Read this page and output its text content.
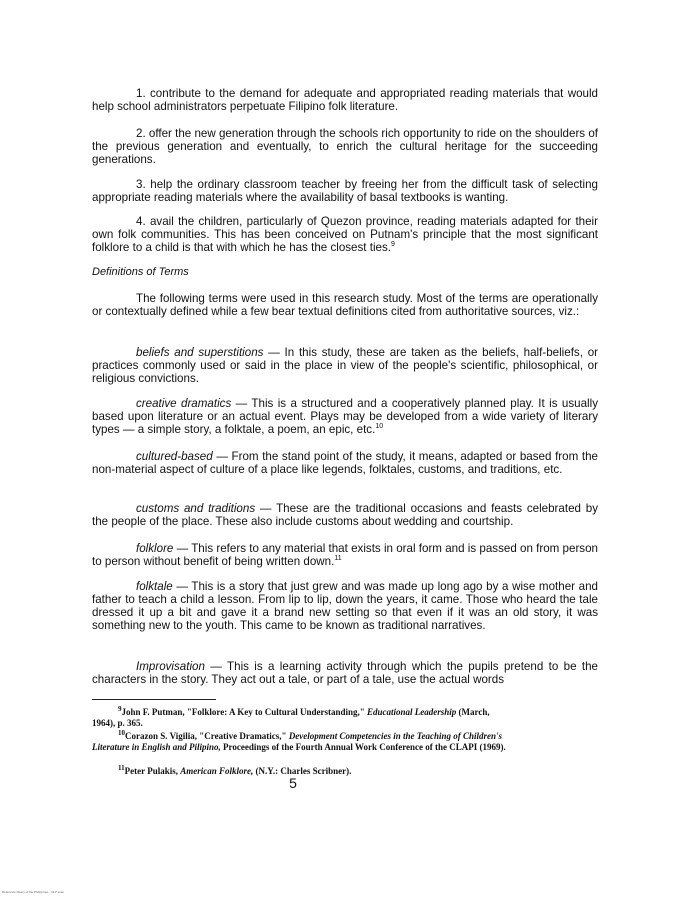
1. contribute to the demand for adequate and appropriated reading materials that would help school administrators perpetuate Filipino folk literature.

2. offer the new generation through the schools rich opportunity to ride on the shoulders of the previous generation and eventually, to enrich the cultural heritage for the succeeding generations.

3. help the ordinary classroom teacher by freeing her from the difficult task of selecting appropriate reading materials where the availability of basal textbooks is wanting.

4. avail the children, particularly of Quezon province, reading materials adapted for their own folk communities. This has been conceived on Putnam's principle that the most significant folklore to a child is that with which he has the closest ties.$^9$

Definitions of Terms

The following terms were used in this research study. Most of the terms are operationally or contextually defined while a few bear textual definitions cited from authoritative sources, viz.:

beliefs and superstitions — In this study, these are taken as the beliefs, half-beliefs, or practices commonly used or said in the place in view of the people's scientific, philosophical, or religious convictions.

creative dramatics — This is a structured and a cooperatively planned play. It is usually based upon literature or an actual event. Plays may be developed from a wide variety of literary types — a simple story, a folktale, a poem, an epic, etc.$^{10}$

cultured-based — From the stand point of the study, it means, adapted or based from the non-material aspect of culture of a place like legends, folktales, customs, and traditions, etc.

customs and traditions — These are the traditional occasions and feasts celebrated by the people of the place. These also include customs about wedding and courtship.

folklore — This refers to any material that exists in oral form and is passed on from person to person without benefit of being written down.$^{11}$

folktale — This is a story that just grew and was made up long ago by a wise mother and father to teach a child a lesson. From lip to lip, down the years, it came. Those who heard the tale dressed it up a bit and gave it a brand new setting so that even if it was an old story, it was something new to the youth. This came to be known as traditional narratives.

Improvisation — This is a learning activity through which the pupils pretend to be the characters in the story. They act out a tale, or part of a tale, use the actual words

$^9$John F. Putman, "Folklore: A Key to Cultural Understanding," Educational Leadership (March, 1964), p. 365.

$^{10}$Corazon S. Vigilia, "Creative Dramatics," Development Competencies in the Teaching of Children's Literature in English and Pilipino, Proceedings of the Fourth Annual Work Conference of the CLAPI (1969).

$^{11}$Peter Pulakis, American Folklore, (N.Y.: Charles Scribner).

5
Reference library of the Philippines · NLP scan
